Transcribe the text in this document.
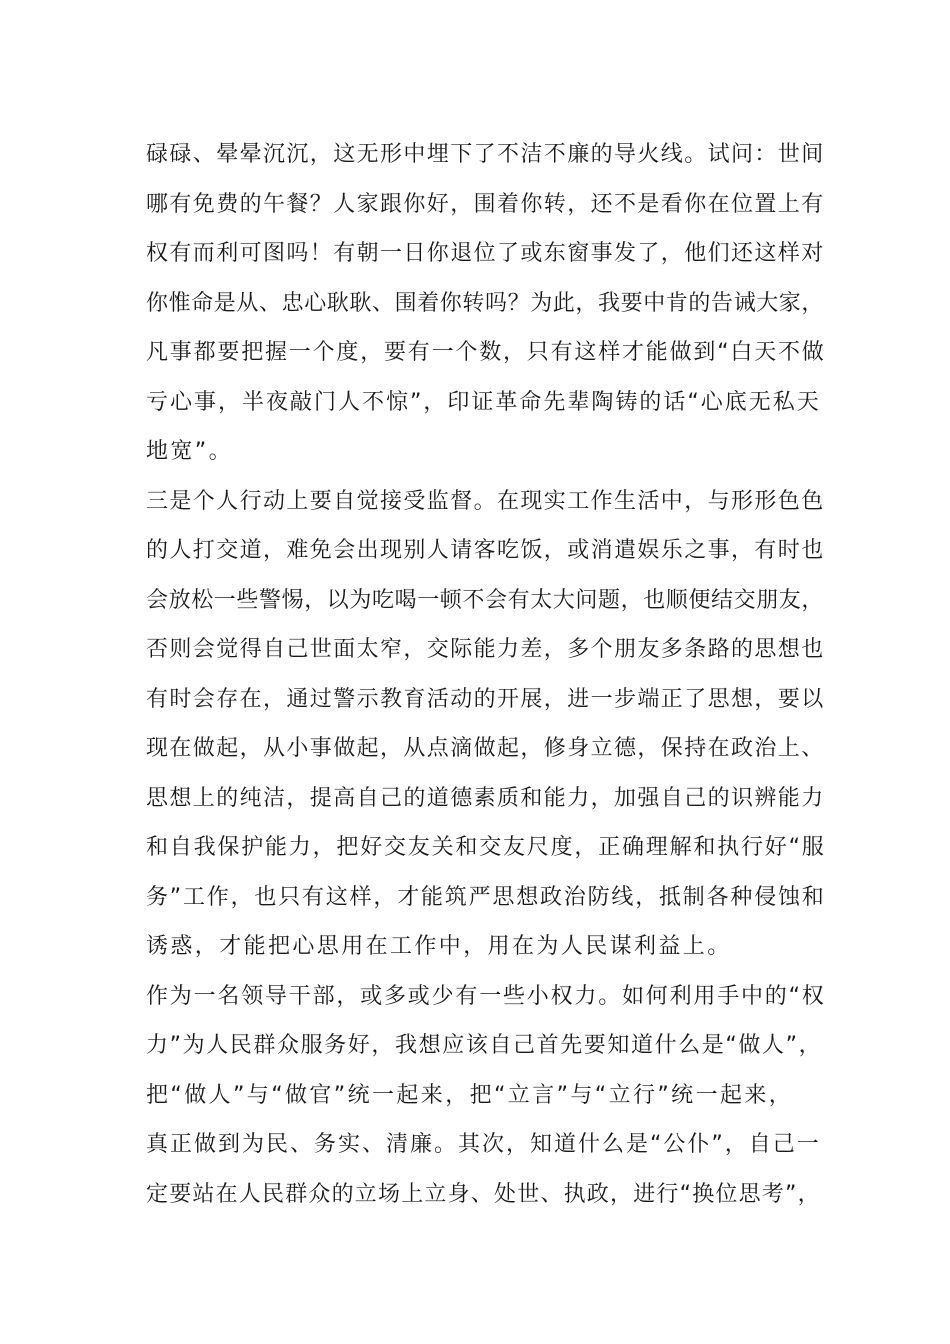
碌碌、晕晕沉沉，这无形中埋下了不洁不廉的导火线。试问：世间
哪有免费的午餐？人家跟你好，围着你转，还不是看你在位置上有
权有而利可图吗！有朝一日你退位了或东窗事发了，他们还这样对
你惟命是从、忠心耿耿、围着你转吗？为此，我要中肯的告诫大家，
凡事都要把握一个度，要有一个数，只有这样才能做到“白天不做
亏心事，半夜敲门人不惊”，印证革命先辈陶铸的话“心底无私天
地宽”。
三是个人行动上要自觉接受监督。在现实工作生活中，与形形色色
的人打交道，难免会出现别人请客吃饭，或消遣娱乐之事，有时也
会放松一些警惕，以为吃喝一顿不会有太大问题，也顺便结交朋友，
否则会觉得自己世面太窄，交际能力差，多个朋友多条路的思想也
有时会存在，通过警示教育活动的开展，进一步端正了思想，要以
现在做起，从小事做起，从点滴做起，修身立德，保持在政治上、
思想上的纯洁，提高自己的道德素质和能力，加强自己的识辨能力
和自我保护能力，把好交友关和交友尺度，正确理解和执行好“服
务”工作，也只有这样，才能筑严思想政治防线，抵制各种侵蚀和
诱惑，才能把心思用在工作中，用在为人民谋利益上。
作为一名领导干部，或多或少有一些小权力。如何利用手中的“权
力”为人民群众服务好，我想应该自己首先要知道什么是“做人”，
把“做人”与“做官”统一起来，把“立言”与“立行”统一起来，
真正做到为民、务实、清廉。其次，知道什么是“公仆”，自己一
定要站在人民群众的立场上立身、处世、执政，进行“换位思考”，
